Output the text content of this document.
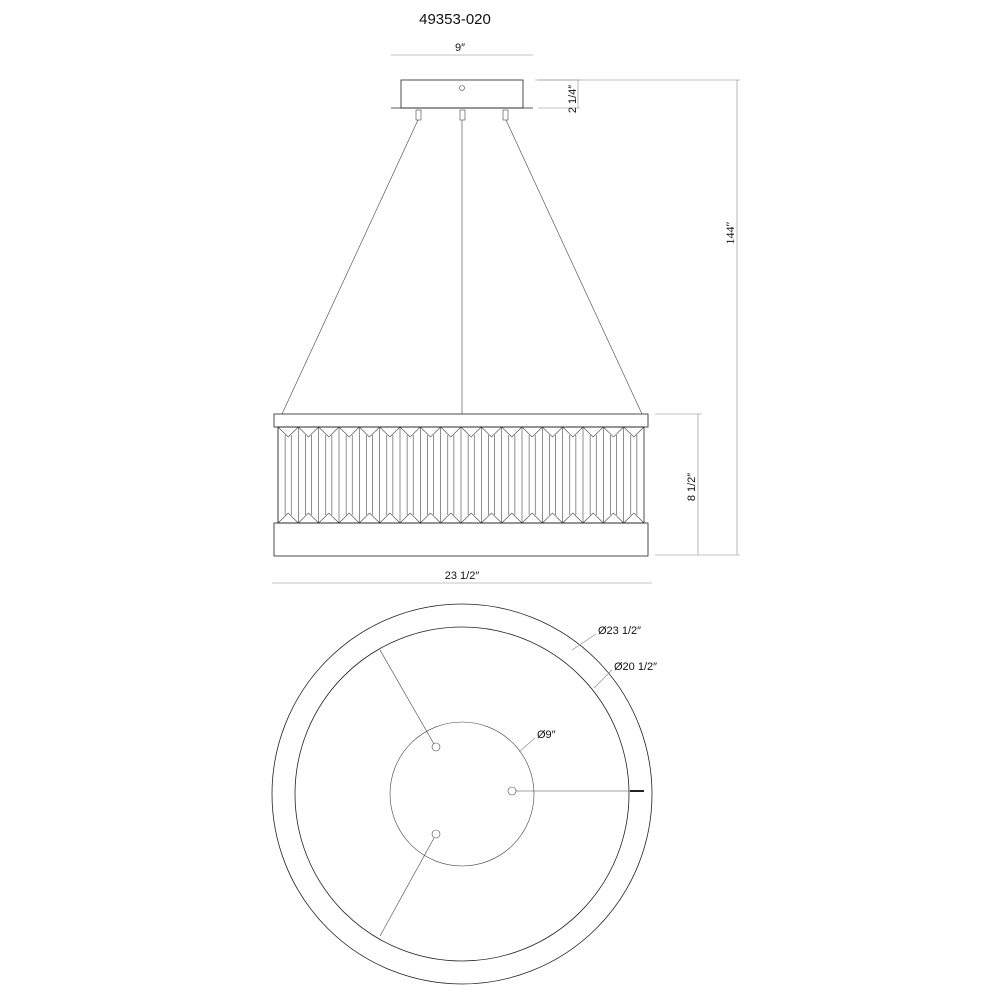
49353-020
9″
2 1/4″
144″
8 1/2″
23 1/2″
Ø23 1/2″
Ø20 1/2″
Ø9″
